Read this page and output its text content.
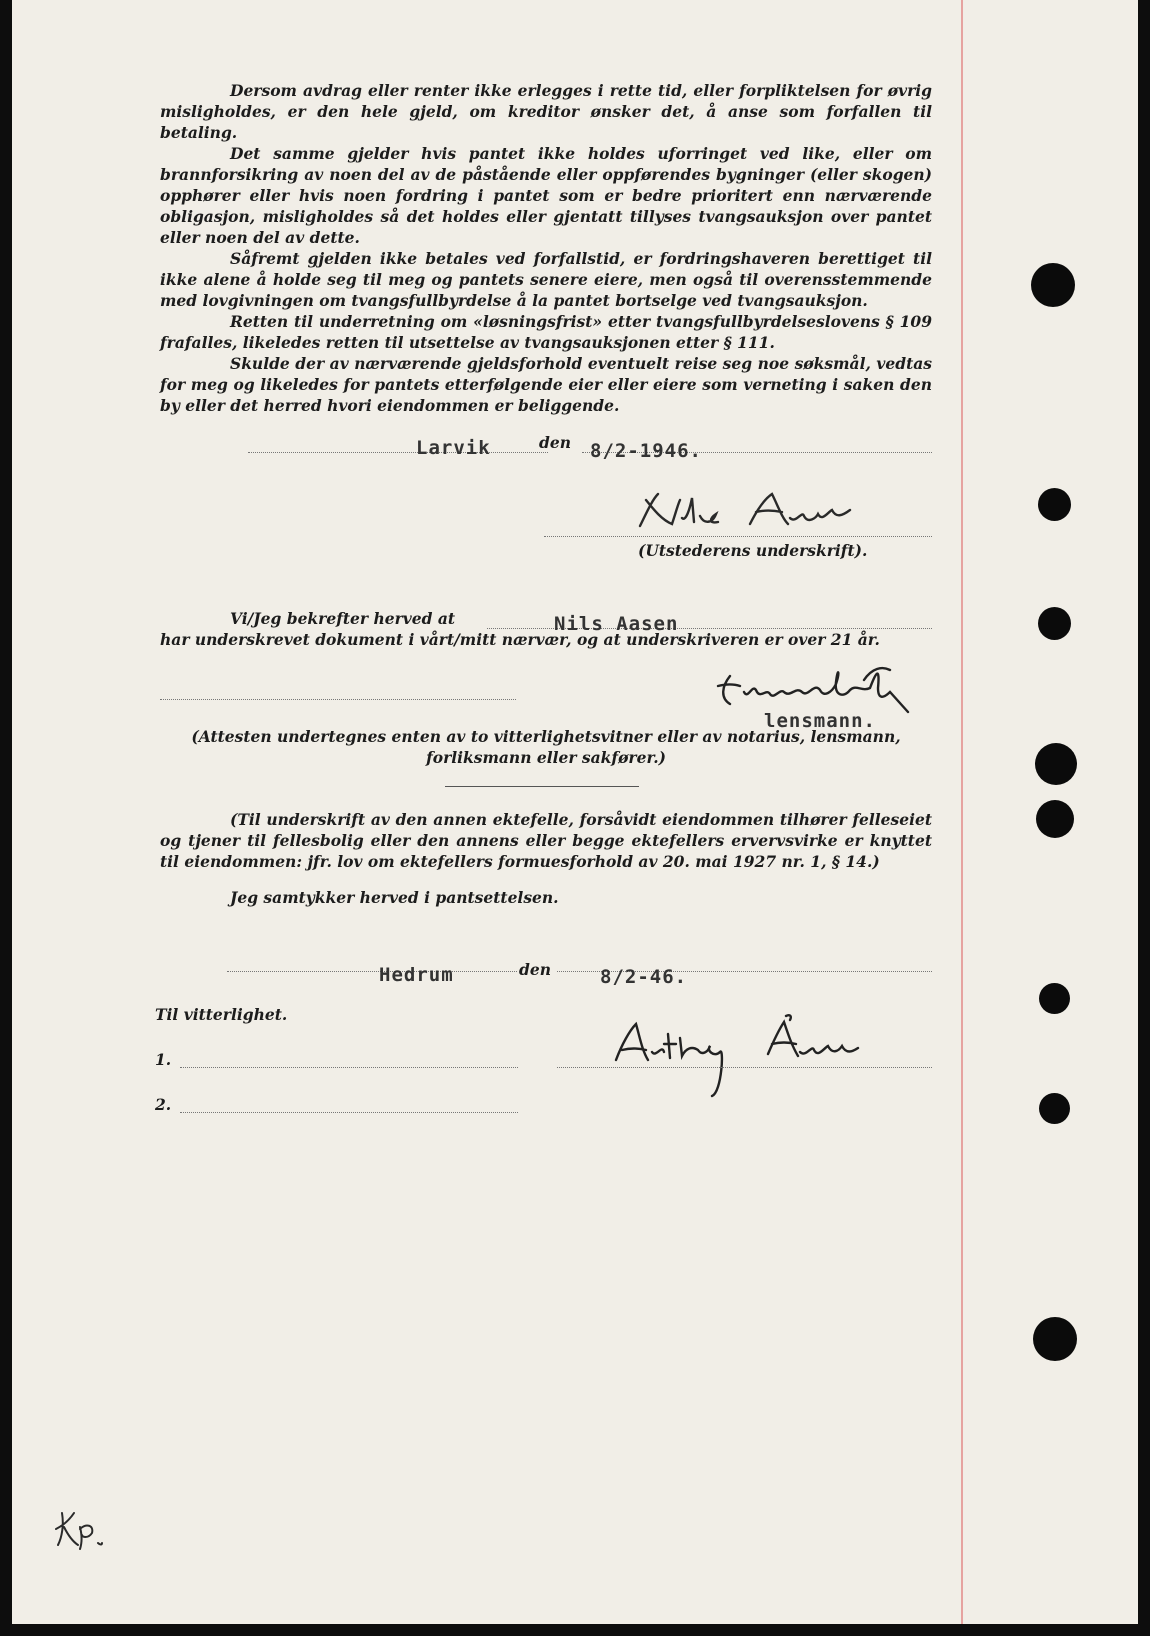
Dersom avdrag eller renter ikke erlegges i rette tid, eller forpliktelsen for øvrig misligholdes, er den hele gjeld, om kreditor ønsker det, å anse som forfallen til betaling.

Det samme gjelder hvis pantet ikke holdes uforringet ved like, eller om brannforsikring av noen del av de påstående eller oppførendes bygninger (eller skogen) opphører eller hvis noen fordring i pantet som er bedre prioritert enn nærværende obligasjon, misligholdes så det holdes eller gjentatt tillyses tvangsauksjon over pantet eller noen del av dette.

Såfremt gjelden ikke betales ved forfallstid, er fordringshaveren berettiget til ikke alene å holde seg til meg og pantets senere eiere, men også til overensstemmende med lovgivningen om tvangsfullbyrdelse å la pantet bortselge ved tvangsauksjon.

Retten til underretning om «løsningsfrist» etter tvangsfullbyrdelseslovens § 109 frafalles, likeledes retten til utsettelse av tvangsauksjonen etter § 111.

Skulde der av nærværende gjeldsforhold eventuelt reise seg noe søksmål, vedtas for meg og likeledes for pantets etterfølgende eier eller eiere som verneting i saken den by eller det herred hvori eiendommen er beliggende.

Larvik	den 8/2-1946.
(Utstederens underskrift).
Vi/Jeg bekrefter herved at	Nils Aasen
har underskrevet dokument i vårt/mitt nærvær, og at underskriveren er over 21 år.
lensmann.
(Attesten undertegnes enten av to vitterlighetsvitner eller av notarius, lensmann, forliksmann eller sakfører.)

(Til underskrift av den annen ektefelle, forsåvidt eiendommen tilhører felleseiet og tjener til fellesbolig eller den annens eller begge ektefellers ervervsvirke er knyttet til eiendommen: jfr. lov om ektefellers formuesforhold av 20. mai 1927 nr. 1, § 14.)

Jeg samtykker herved i pantsettelsen.
Hedrum	den	8/2-46.
Til vitterlighet.
1.
2.
Kp.
